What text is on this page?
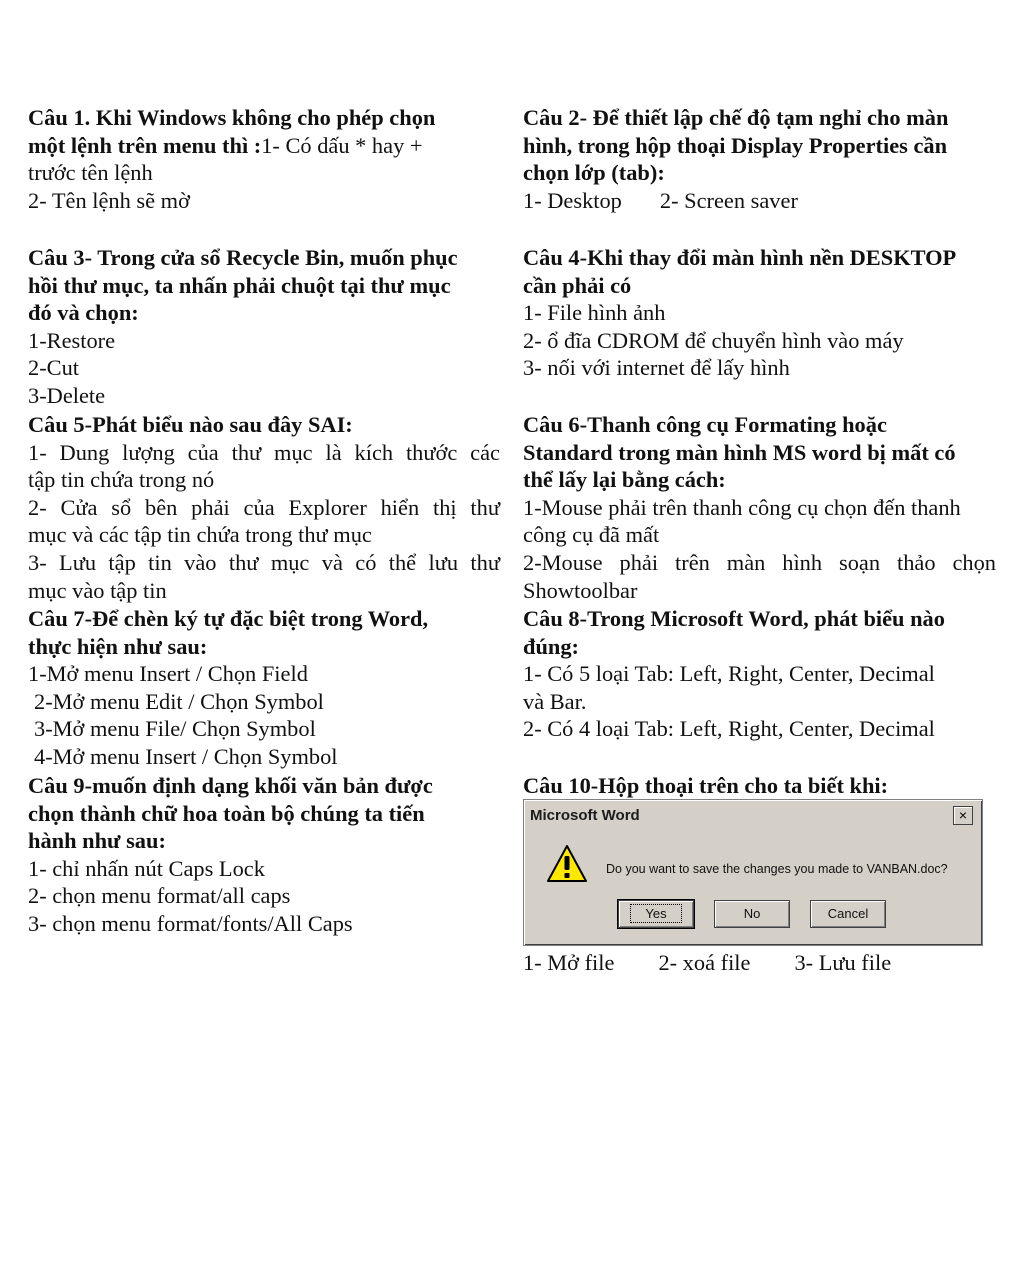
Câu 1. Khi Windows không cho phép chọn
một lệnh trên menu thì :1- Có dấu * hay +
trước tên lệnh
2- Tên lệnh sẽ mờ
Câu 3- Trong cửa sổ Recycle Bin, muốn phục
hồi thư mục, ta nhấn phải chuột tại thư mục
đó và chọn:
1-Restore
2-Cut
3-Delete
Câu 5-Phát biểu nào sau đây SAI:
1- Dung lượng của thư mục là kích thước các
tập tin chứa trong nó
2- Cửa sổ bên phải của Explorer hiển thị thư
mục và các tập tin chứa trong thư mục
3- Lưu tập tin vào thư mục và có thể lưu thư
mục vào tập tin
Câu 7-Để chèn ký tự đặc biệt trong Word,
thực hiện như sau:
1-Mở menu Insert / Chọn Field
2-Mở menu Edit / Chọn Symbol
3-Mở menu File/ Chọn Symbol
4-Mở menu Insert / Chọn Symbol
Câu 9-muốn định dạng khối văn bản được
chọn thành chữ hoa toàn bộ chúng ta tiến
hành như sau:
1- chỉ nhấn nút Caps Lock
2- chọn menu format/all caps
3- chọn menu format/fonts/All Caps
Câu 2- Để thiết lập chế độ tạm nghỉ cho màn
hình, trong hộp thoại Display Properties cần
chọn lớp (tab):
1- Desktop 2- Screen saver
Câu 4-Khi thay đổi màn hình nền DESKTOP
cần phải có
1- File hình ảnh
2- ổ đĩa CDROM để chuyển hình vào máy
3- nối với internet để lấy hình
Câu 6-Thanh công cụ Formating hoặc
Standard trong màn hình MS word bị mất có
thể lấy lại bằng cách:
1-Mouse phải trên thanh công cụ chọn đến thanh
công cụ đã mất
2-Mouse phải trên màn hình soạn thảo chọn
Showtoolbar
Câu 8-Trong Microsoft Word, phát biểu nào
đúng:
1- Có 5 loại Tab: Left, Right, Center, Decimal
và Bar.
2- Có 4 loại Tab: Left, Right, Center, Decimal
Câu 10-Hộp thoại trên cho ta biết khi:
Microsoft Word	×
Do you want to save the changes you made to VANBAN.doc?
Yes	No	Cancel
1- Mở file 2- xoá file 3- Lưu file
